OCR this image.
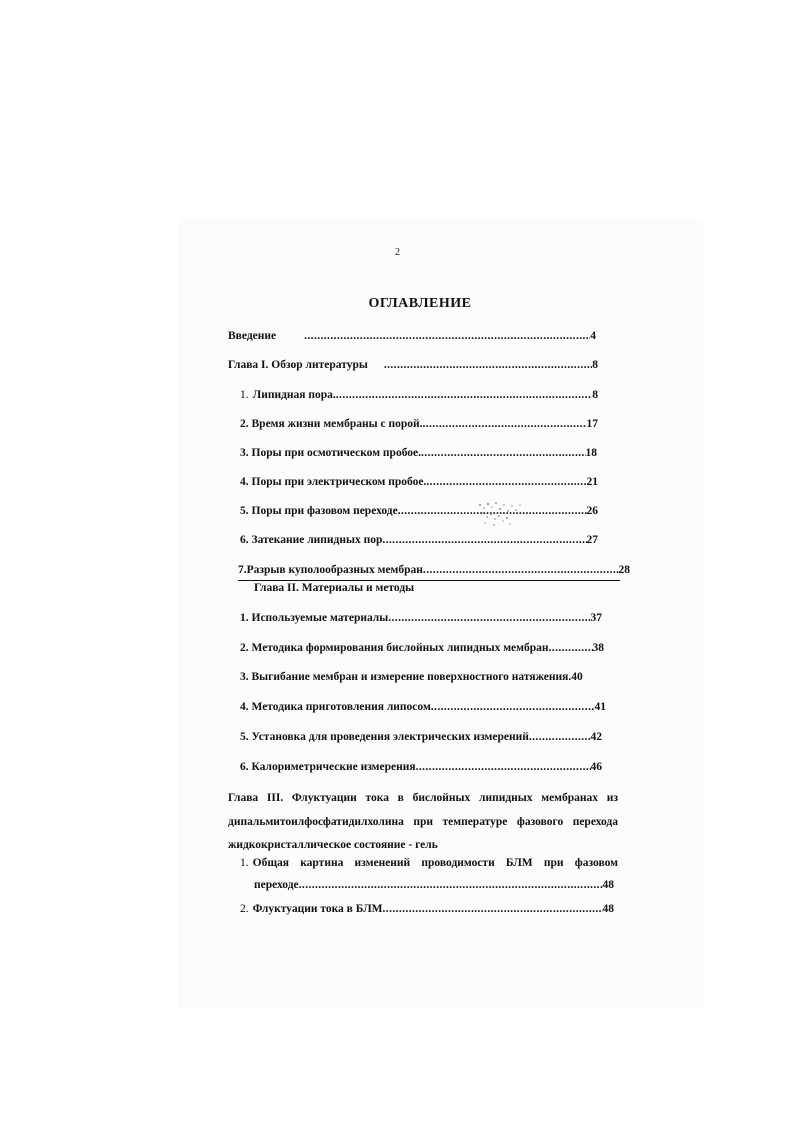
2
ОГЛАВЛЕНИЕ
Введение .....	4
Глава I. Обзор литературы .....	8
1. Липидная пора. .....	8
2. Время жизни мембраны с порой. .....	17
3. Поры при осмотическом пробое. .....	18
4. Поры при электрическом пробое. .....	21
5. Поры при фазовом переходе .....	26
6. Затекание липидных пор .....	27
7.Разрыв куполообразных мембран .....	28
Глава II. Материалы и методы
1. Используемые материалы .....	37
2. Методика формирования бислойных липидных мембран .....	38
3. Выгибание мембран и измерение поверхностного натяжения. 40
4. Методика приготовления липосом .....	41
5. Установка для проведения электрических измерений .....	42
6. Калориметрические измерения .....	46
Глава III. Флуктуации тока в бислойных липидных мембранах из
дипальмитоилфосфатидилхолина при температуре фазового перехода
жидкокристаллическое состояние - гель
1. Общая картина изменений проводимости БЛМ при фазовом
переходе .....	48
2. Флуктуации тока в БЛМ .....	48
